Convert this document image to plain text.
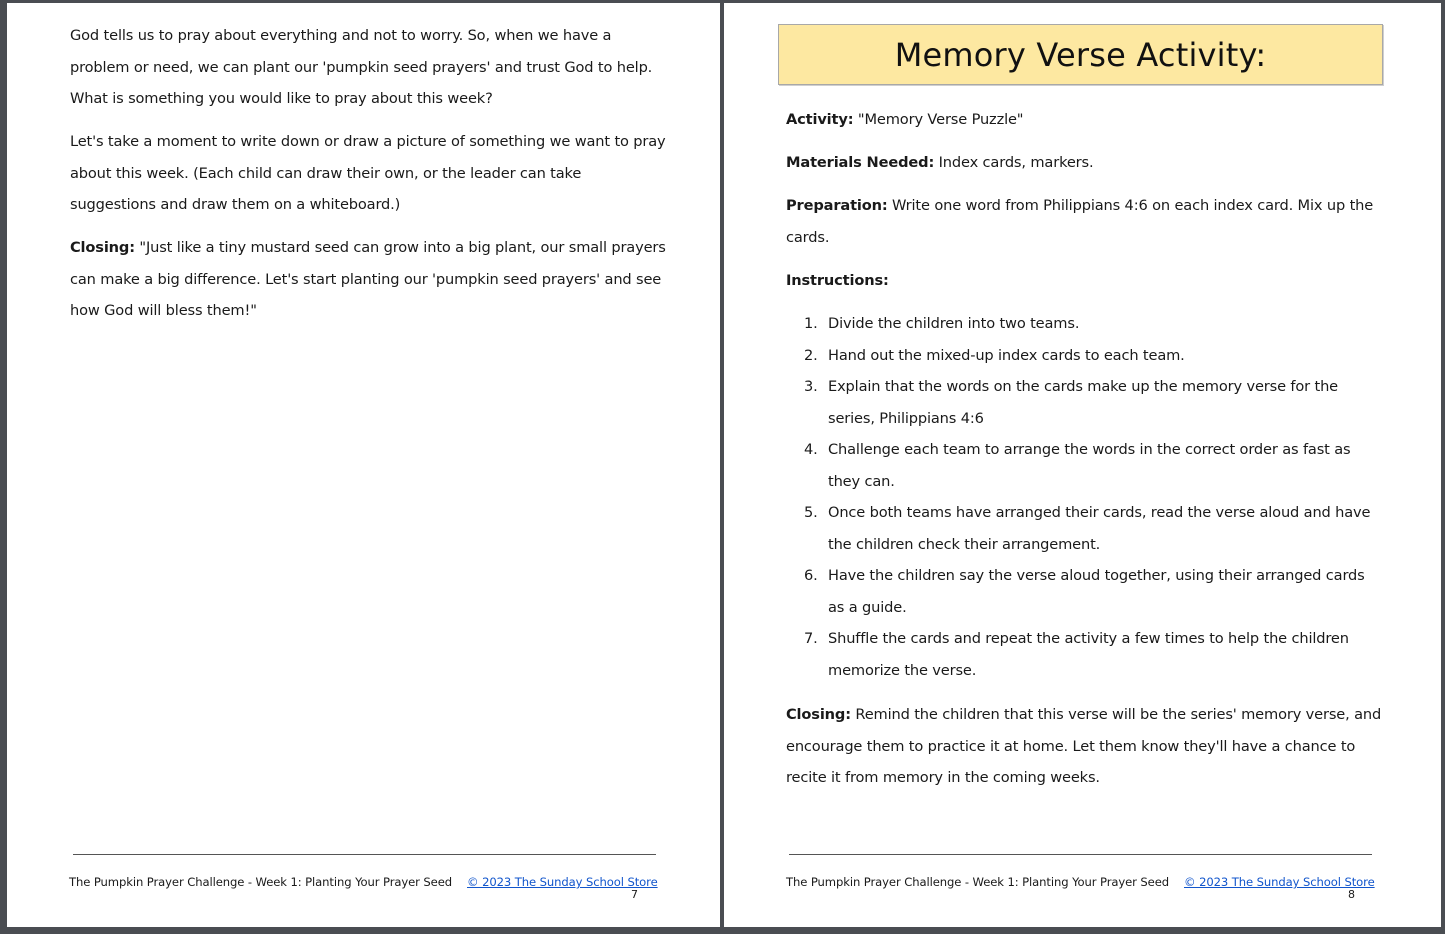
God tells us to pray about everything and not to worry. So, when we have a problem or need, we can plant our 'pumpkin seed prayers' and trust God to help. What is something you would like to pray about this week?

Let's take a moment to write down or draw a picture of something we want to pray about this week. (Each child can draw their own, or the leader can take suggestions and draw them on a whiteboard.)

Closing: "Just like a tiny mustard seed can grow into a big plant, our small prayers can make a big difference. Let's start planting our 'pumpkin seed prayers' and see how God will bless them!"

The Pumpkin Prayer Challenge - Week 1: Planting Your Prayer Seed © 2023 The Sunday School Store
7
Memory Verse Activity:

Activity: "Memory Verse Puzzle"

Materials Needed: Index cards, markers.

Preparation: Write one word from Philippians 4:6 on each index card. Mix up the cards.

Instructions:

1. Divide the children into two teams.
2. Hand out the mixed-up index cards to each team.
3. Explain that the words on the cards make up the memory verse for the series, Philippians 4:6
4. Challenge each team to arrange the words in the correct order as fast as they can.
5. Once both teams have arranged their cards, read the verse aloud and have the children check their arrangement.
6. Have the children say the verse aloud together, using their arranged cards as a guide.
7. Shuffle the cards and repeat the activity a few times to help the children memorize the verse.

Closing: Remind the children that this verse will be the series' memory verse, and encourage them to practice it at home. Let them know they'll have a chance to recite it from memory in the coming weeks.

The Pumpkin Prayer Challenge - Week 1: Planting Your Prayer Seed © 2023 The Sunday School Store
8
